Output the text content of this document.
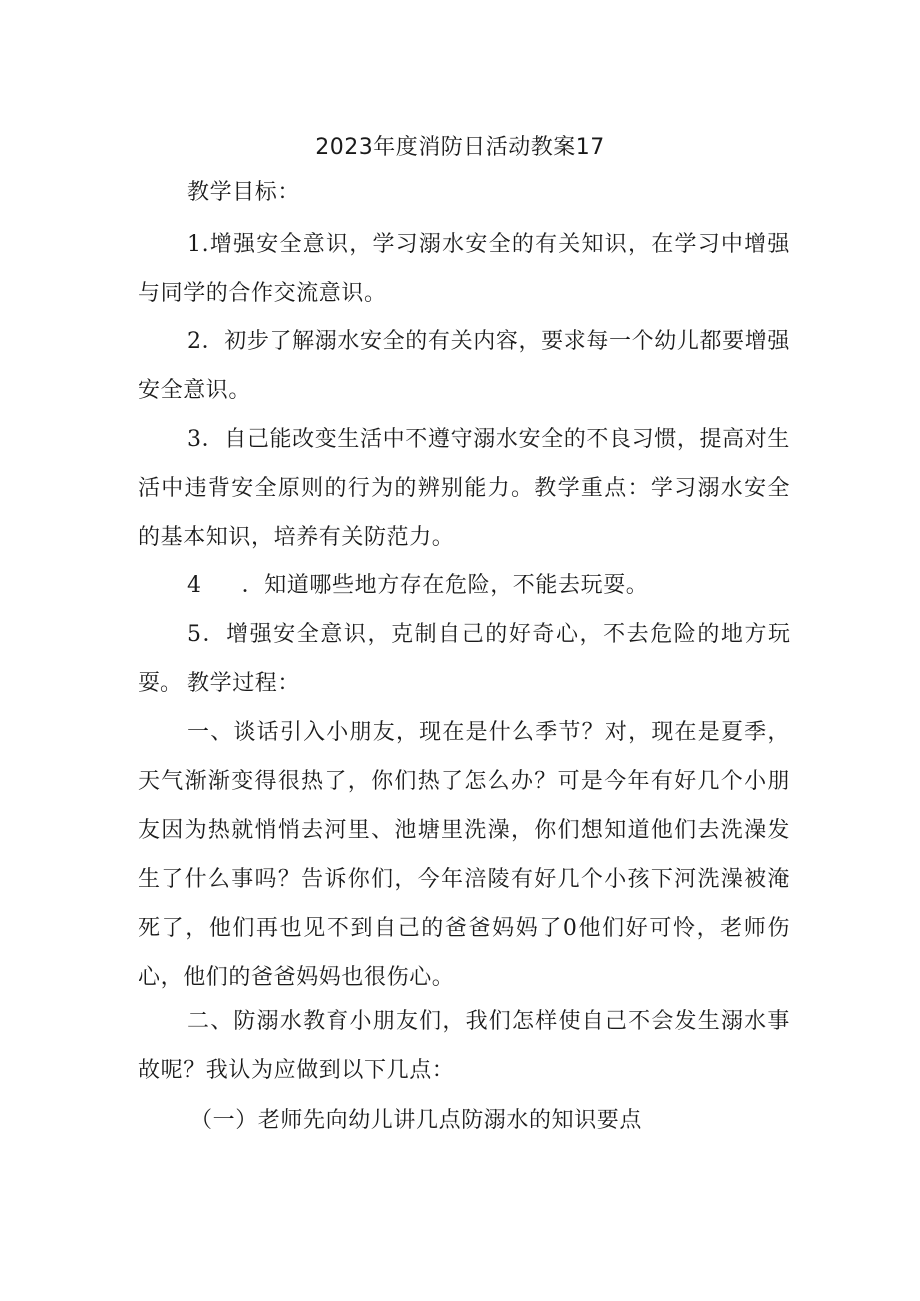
2023年度消防日活动教案17

教学目标：

1.增强安全意识，学习溺水安全的有关知识，在学习中增强与同学的合作交流意识。

2．初步了解溺水安全的有关内容，要求每一个幼儿都要增强安全意识。

3．自己能改变生活中不遵守溺水安全的不良习惯，提高对生活中违背安全原则的行为的辨别能力。教学重点：学习溺水安全的基本知识，培养有关防范力。

4 ．知道哪些地方存在危险，不能去玩耍。

5．增强安全意识，克制自己的好奇心，不去危险的地方玩耍。 教学过程：

一、谈话引入小朋友，现在是什么季节？对，现在是夏季，天气渐渐变得很热了，你们热了怎么办？可是今年有好几个小朋友因为热就悄悄去河里、池塘里洗澡，你们想知道他们去洗澡发生了什么事吗？告诉你们，今年涪陵有好几个小孩下河洗澡被淹死了，他们再也见不到自己的爸爸妈妈了0他们好可怜，老师伤心，他们的爸爸妈妈也很伤心。

二、防溺水教育小朋友们，我们怎样使自己不会发生溺水事故呢？我认为应做到以下几点：

（一）老师先向幼儿讲几点防溺水的知识要点
